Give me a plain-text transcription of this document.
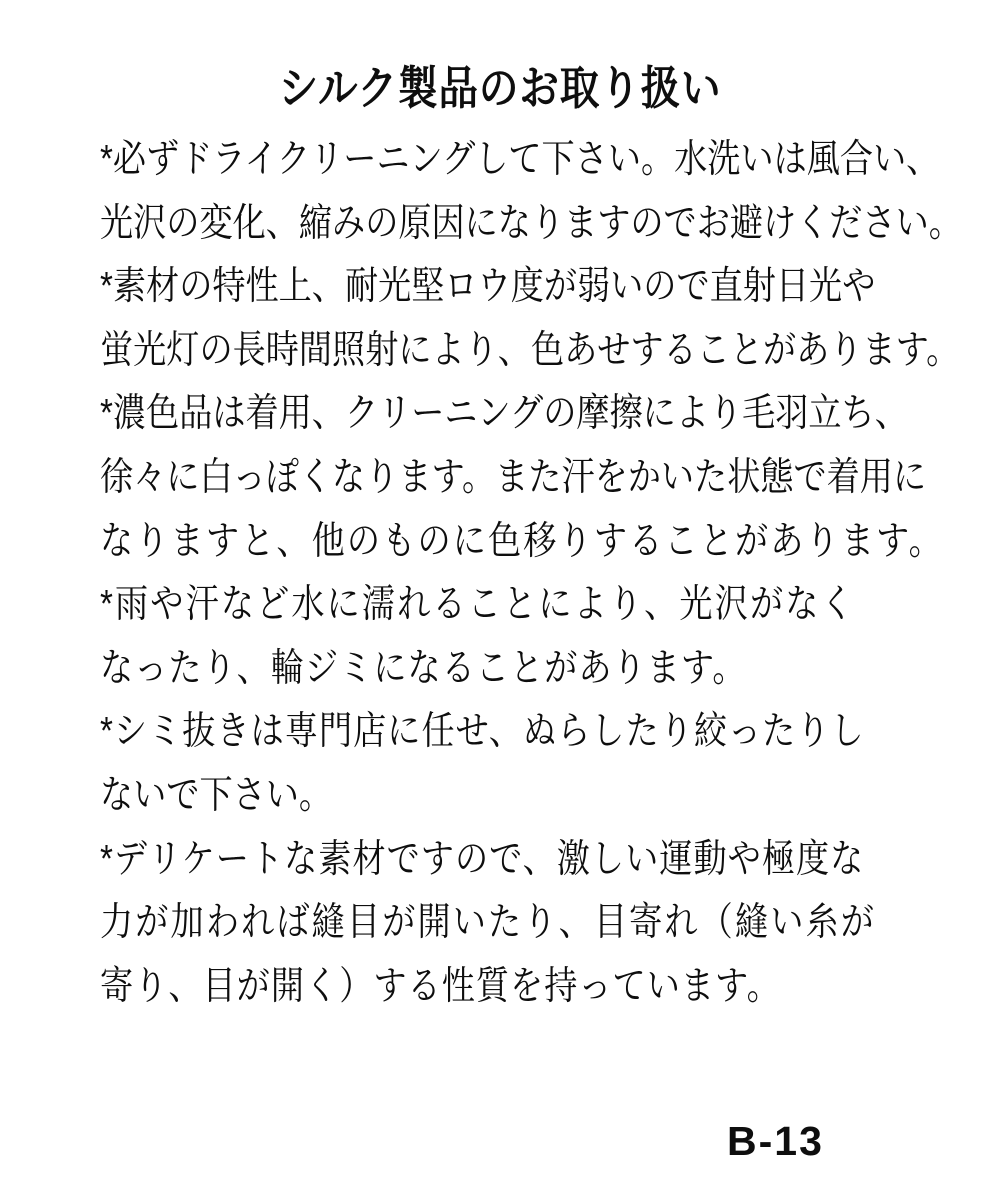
シルク製品のお取り扱い
*必ずドライクリーニングして下さい。水洗いは風合い、
光沢の変化、縮みの原因になりますのでお避けください。
*素材の特性上、耐光堅ロウ度が弱いので直射日光や
蛍光灯の長時間照射により、色あせすることがあります。
*濃色品は着用、クリーニングの摩擦により毛羽立ち、
徐々に白っぽくなります。また汗をかいた状態で着用に
なりますと、他のものに色移りすることがあります。
*雨や汗など水に濡れることにより、光沢がなく
なったり、輪ジミになることがあります。
*シミ抜きは専門店に任せ、ぬらしたり絞ったりし
ないで下さい。
*デリケートな素材ですので、激しい運動や極度な
力が加われば縫目が開いたり、目寄れ（縫い糸が
寄り、目が開く）する性質を持っています。
B-13
